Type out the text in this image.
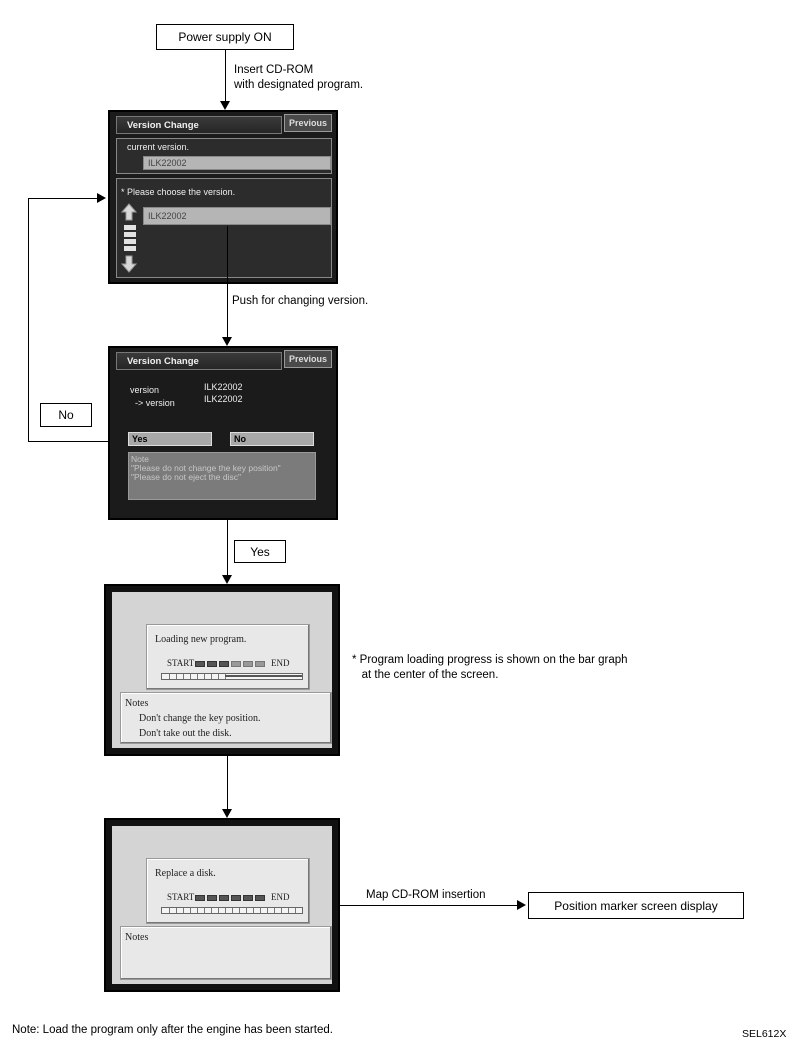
Power supply ON
Insert CD-ROM
with designated program.
Version Change	Previous
current version.
ILK22002
* Please choose the version.
ILK22002
Push for changing version.
No
Version Change	Previous
version	ILK22002
-> version	ILK22002
Yes	No
Note
"Please do not change the key position"
"Please do not eject the disc"
Yes
Loading new program.
START	END
Notes
Don't change the key position.
Don't take out the disk.
* Program loading progress is shown on the bar graph
at the center of the screen.
Replace a disk.
START	END
Notes
Map CD-ROM insertion
Position marker screen display
Note: Load the program only after the engine has been started.	SEL612X
